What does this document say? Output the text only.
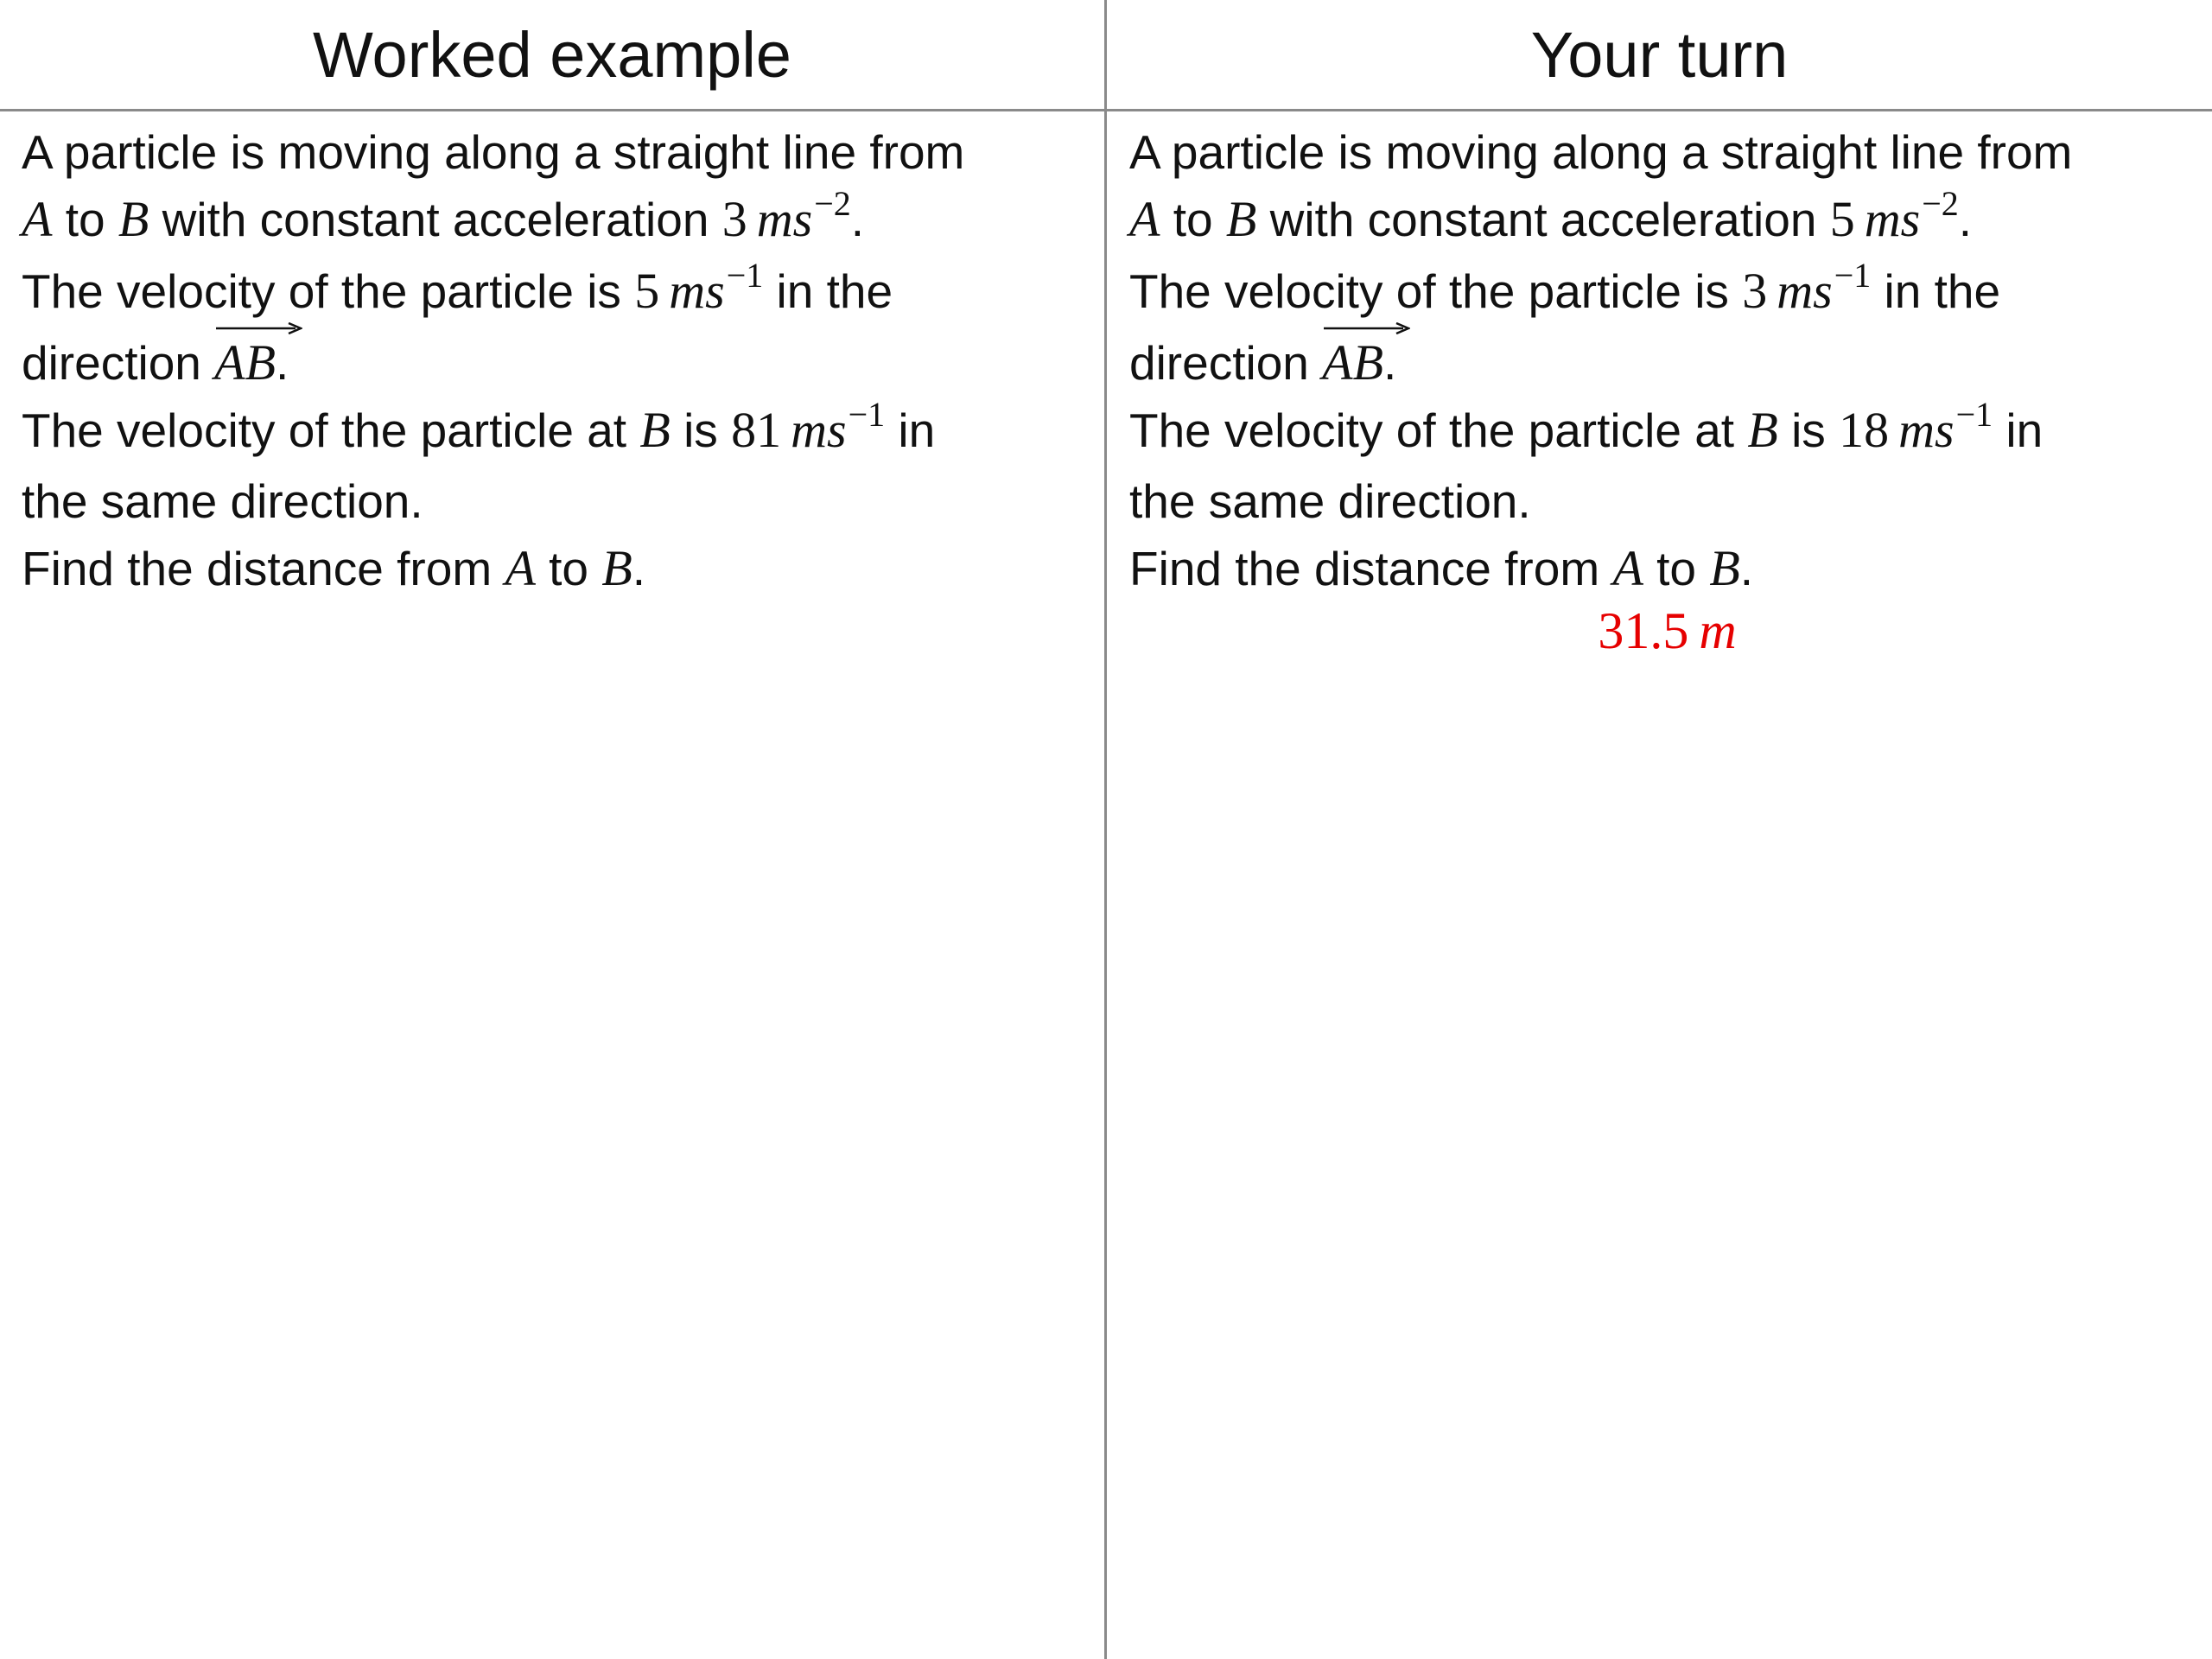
Worked example	Your turn
A particle is moving along a straight line from
A to B with constant acceleration 3  $ms^{-2}$.
The velocity of the particle is 5  $ms^{-1}$ in the
direction
AB.
The velocity of the particle at B is 81  $ms^{-1}$ in
the same direction.
Find the distance from A to B.
A particle is moving along a straight line from
A to B with constant acceleration 5  $ms^{-2}$.
The velocity of the particle is 3  $ms^{-1}$ in the
direction
AB.
The velocity of the particle at B is 18  $ms^{-1}$ in
the same direction.
Find the distance from A to B.
31.5  m
